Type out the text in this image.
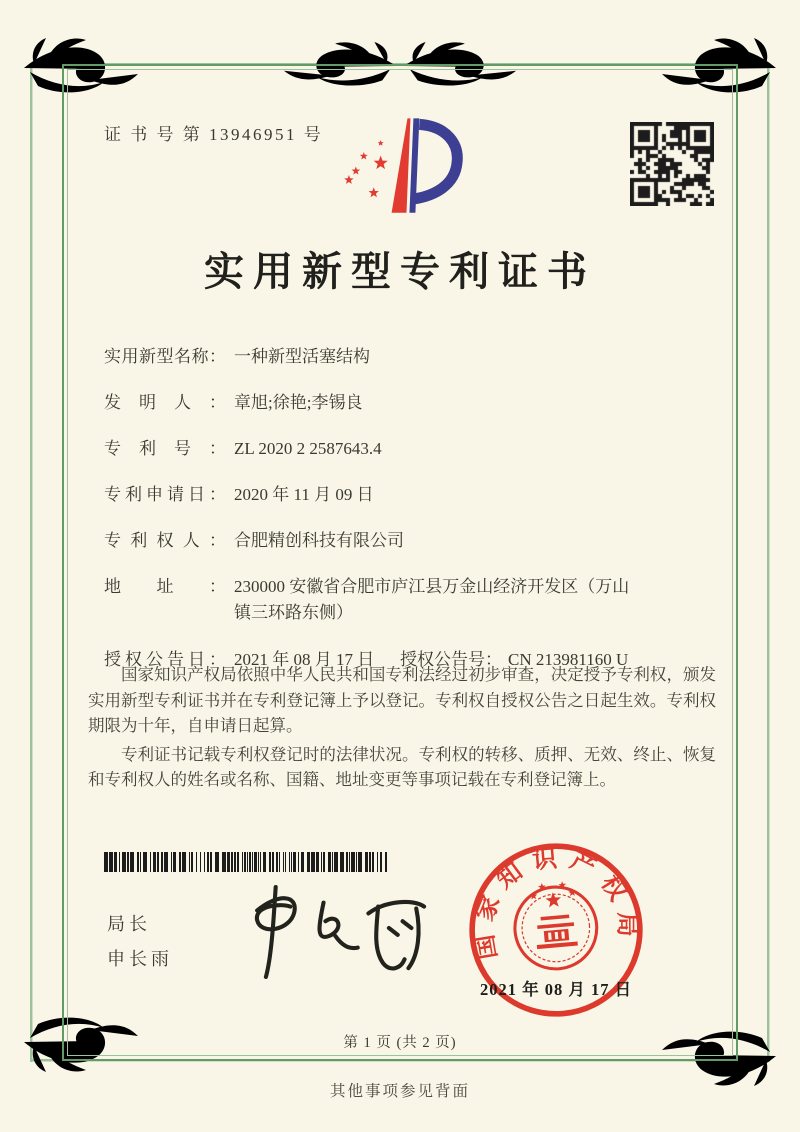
证 书 号 第 13946951 号
实用新型专利证书
实用新型名称： 一种新型活塞结构
发明人： 章旭;徐艳;李锡良
专利号： ZL 2020 2 2587643.4
专利申请日： 2020 年 11 月 09 日
专利权人： 合肥精创科技有限公司
地址： 230000 安徽省合肥市庐江县万金山经济开发区（万山镇三环路东侧）
授权公告日： 2021 年 08 月 17 日 授权公告号： CN 213981160 U

国家知识产权局依照中华人民共和国专利法经过初步审查，决定授予专利权，颁发实用新型专利证书并在专利登记簿上予以登记。专利权自授权公告之日起生效。专利权期限为十年，自申请日起算。

专利证书记载专利权登记时的法律状况。专利权的转移、质押、无效、终止、恢复和专利权人的姓名或名称、国籍、地址变更等事项记载在专利登记簿上。

局长
申长雨	国家知识产权局
2021 年 08 月 17 日
第 1 页 (共 2 页)
其他事项参见背面
